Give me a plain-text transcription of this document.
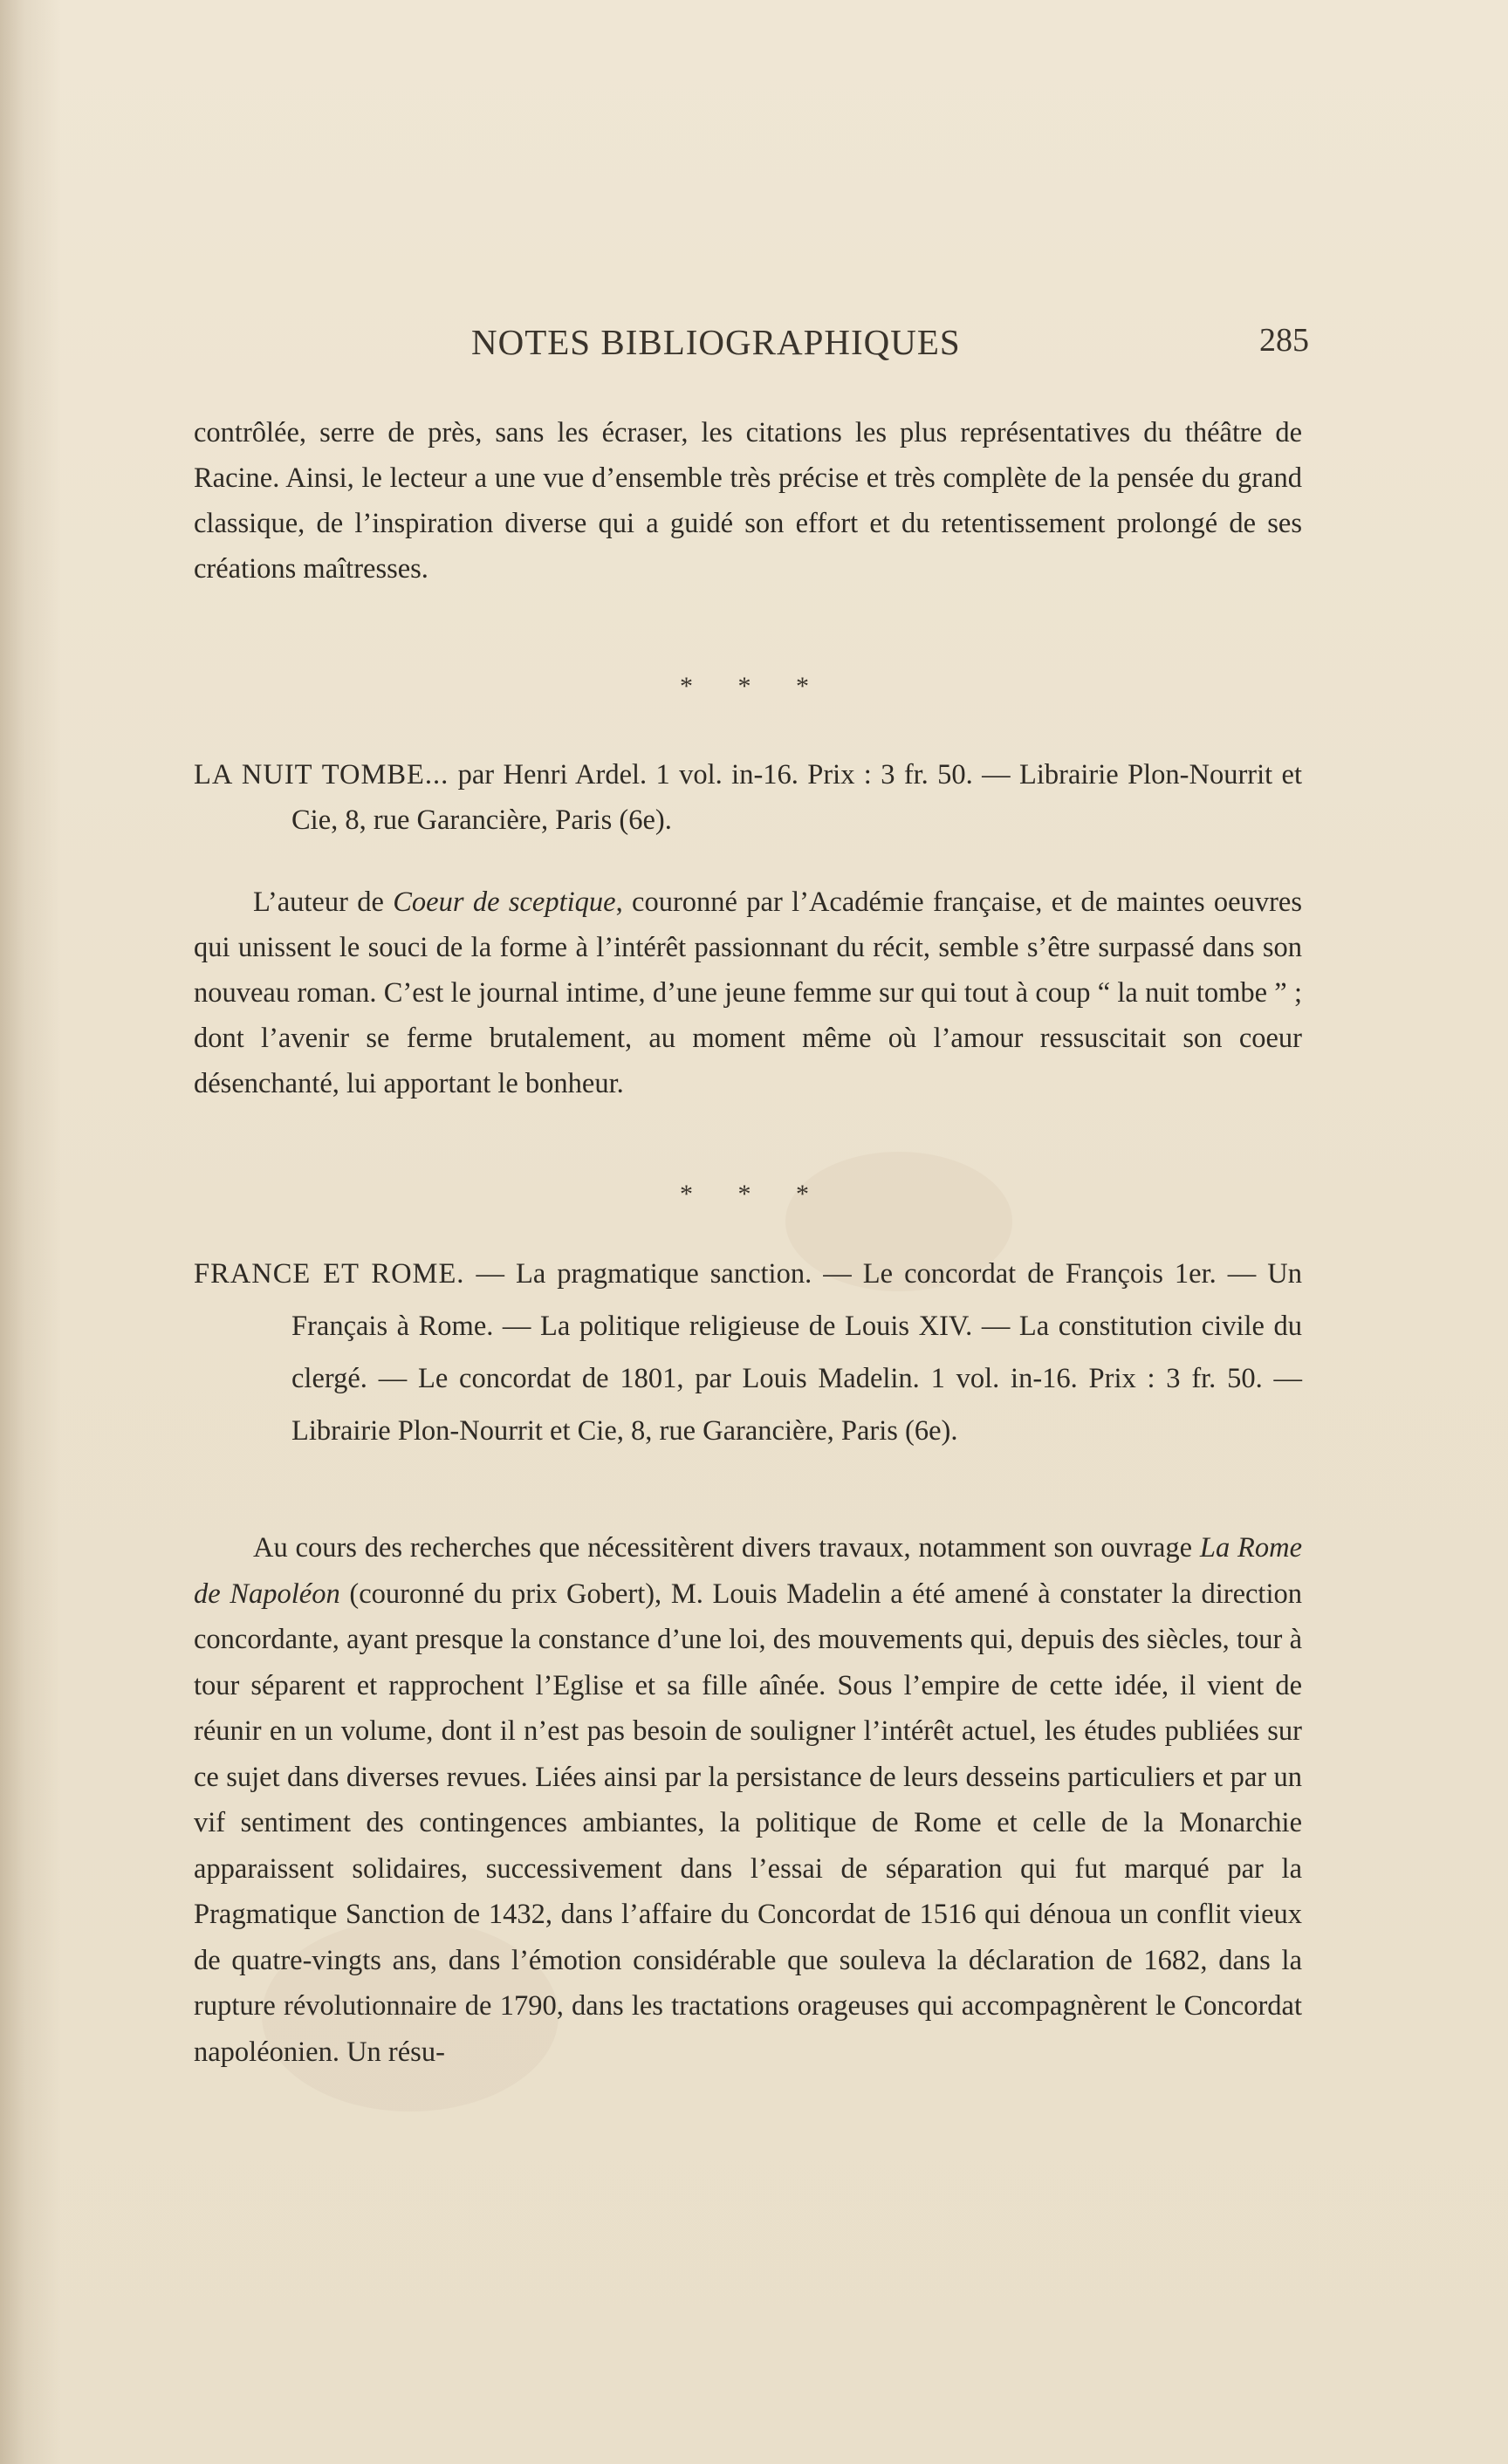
NOTES BIBLIOGRAPHIQUES	285

contrôlée, serre de près, sans les écraser, les citations les plus représentatives du théâtre de Racine. Ainsi, le lecteur a une vue d’ensemble très précise et très complète de la pensée du grand classique, de l’inspiration diverse qui a guidé son effort et du retentissement prolongé de ses créations maîtresses.

* * *

LA NUIT TOMBE... par Henri Ardel. 1 vol. in-16. Prix : 3 fr. 50. — Librairie Plon-Nourrit et Cie, 8, rue Garancière, Paris (6e).

L’auteur de Coeur de sceptique, couronné par l’Académie française, et de maintes oeuvres qui unissent le souci de la forme à l’intérêt passionnant du récit, semble s’être surpassé dans son nouveau roman. C’est le journal intime, d’une jeune femme sur qui tout à coup “ la nuit tombe ” ; dont l’avenir se ferme brutalement, au moment même où l’amour ressuscitait son coeur désenchanté, lui apportant le bonheur.

* * *

FRANCE ET ROME. — La pragmatique sanction. — Le concordat de François 1er. — Un Français à Rome. — La politique religieuse de Louis XIV. — La constitution civile du clergé. — Le concordat de 1801, par Louis Madelin. 1 vol. in-16. Prix : 3 fr. 50. — Librairie Plon-Nourrit et Cie, 8, rue Garancière, Paris (6e).

Au cours des recherches que nécessitèrent divers travaux, notamment son ouvrage La Rome de Napoléon (couronné du prix Gobert), M. Louis Madelin a été amené à constater la direction concordante, ayant presque la constance d’une loi, des mouvements qui, depuis des siècles, tour à tour séparent et rapprochent l’Eglise et sa fille aînée. Sous l’empire de cette idée, il vient de réunir en un volume, dont il n’est pas besoin de souligner l’intérêt actuel, les études publiées sur ce sujet dans diverses revues. Liées ainsi par la persistance de leurs desseins particuliers et par un vif sentiment des contingences ambiantes, la politique de Rome et celle de la Monarchie apparaissent solidaires, successivement dans l’essai de séparation qui fut marqué par la Pragmatique Sanction de 1432, dans l’affaire du Concordat de 1516 qui dénoua un conflit vieux de quatre-vingts ans, dans l’émotion considérable que souleva la déclaration de 1682, dans la rupture révolutionnaire de 1790, dans les tractations orageuses qui accompagnèrent le Concordat napoléonien. Un résu-
